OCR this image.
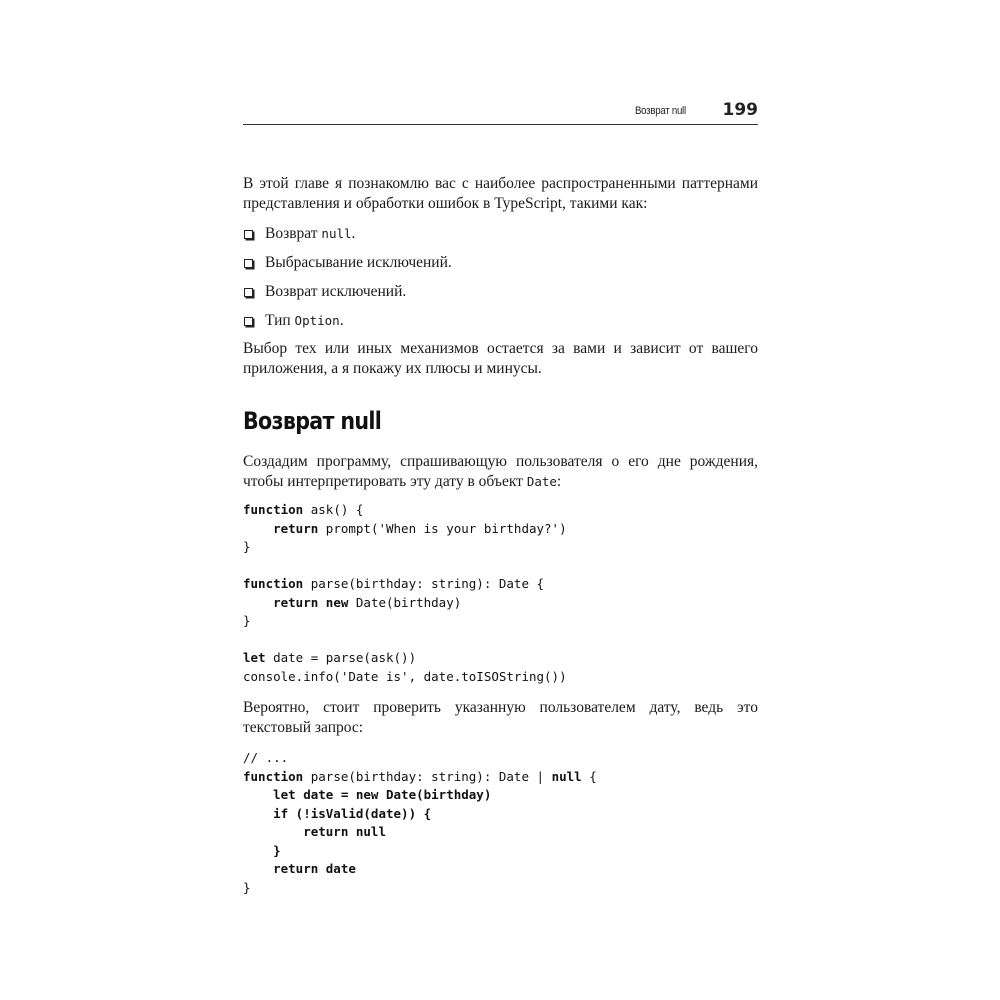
Возврат null 199

В этой главе я познакомлю вас с наиболее распространенными паттернами представления и обработки ошибок в TypeScript, такими как:

Возврат null.
Выбрасывание исключений.
Возврат исключений.
Тип Option.

Выбор тех или иных механизмов остается за вами и зависит от вашего приложения, а я покажу их плюсы и минусы.

Возврат null

Создадим программу, спрашивающую пользователя о его дне рождения, чтобы интерпретировать эту дату в объект Date:

function ask() {
return prompt('When is your birthday?')
}

function parse(birthday: string): Date {
return new Date(birthday)
}

let date = parse(ask())
console.info('Date is', date.toISOString())

Вероятно, стоит проверить указанную пользователем дату, ведь это текстовый запрос:

// ...
function parse(birthday: string): Date | null {
let date = new Date(birthday)
if (!isValid(date)) {
return null
}
return date
}
